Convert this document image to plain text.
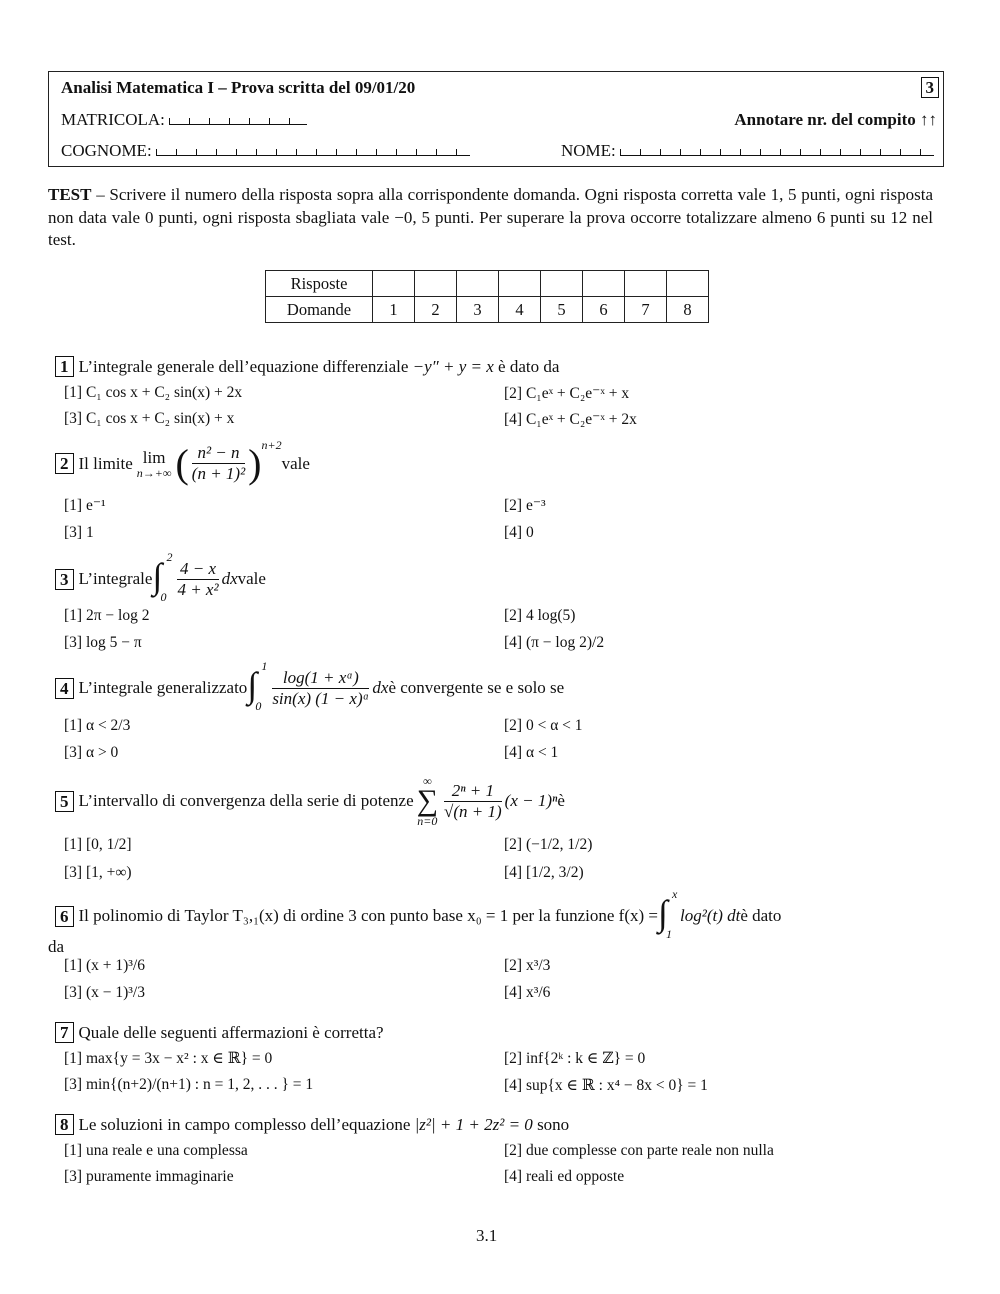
Analisi Matematica I – Prova scritta del 09/01/20	3
MATRICOLA:	Annotare nr. del compito ↑↑
COGNOME:	NOME:
TEST – Scrivere il numero della risposta sopra alla corrispondente domanda. Ogni risposta corretta vale 1, 5 punti, ogni risposta non data vale 0 punti, ogni risposta sbagliata vale −0, 5 punti. Per superare la prova occorre totalizzare almeno 6 punti su 12 nel test.
Risposte								
Domande	1	2	3	4	5	6	7	8
1 L’integrale generale dell’equazione differenziale −y″ + y = x è dato da
[1] C₁ cos x + C₂ sin(x) + 2x	[2] C₁eˣ + C₂e⁻ˣ + x
[3] C₁ cos x + C₂ sin(x) + x	[4] C₁eˣ + C₂e⁻ˣ + 2x
2 Il limite lim
n→+∞ ( $\frac{\text{n² − n}}{\text{(n + 1)²}}$ ) n+2
vale
[1] e⁻¹	[2] e⁻³
[3] 1	[4] 0
3 L’integrale ∫ 2
$0 \frac{4 - x}{\text{4 + x²}}$ dx vale
[1] 2π − log 2	[2] 4 log(5)
[3] log 5 − π	[4] (π − log 2)/2
4 L’integrale generalizzato ∫ 1
$0 \frac{\text{log(1 + xᵅ)}}{\text{sin(x) (1 − x)ᵅ}}$ dx è convergente se e solo se
[1] α < 2/3	[2] 0 < α < 1
[3] α > 0	[4] α < 1
5 L’intervallo di convergenza della serie di potenze
∞
∑
$n=0 \frac{\text{2ⁿ + 1}}{√(n + 1)} (x - 1)^n$ è
[1] [0, 1/2]	[2] (−1/2, 1/2)
[3] [1, +∞)	[4] [1/2, 3/2)
6 Il polinomio di Taylor T₃,₁(x) di ordine 3 con punto base x₀ = 1 per la funzione f(x) = ∫ x
1
log²(t) dt è dato
da
[1] (x + 1)³/6	[2] x³/3
[3] (x − 1)³/3	[4] x³/6
7 Quale delle seguenti affermazioni è corretta?
[1] max{y = 3x − x² : x ∈ ℝ} = 0	[2] inf{2ᵏ : k ∈ ℤ} = 0
[3] min{(n+2)/(n+1) : n = 1, 2, . . . } = 1	[4] sup{x ∈ ℝ : x⁴ − 8x < 0} = 1
8 Le soluzioni in campo complesso dell’equazione |z²| + 1 + 2z² = 0 sono
[1] una reale e una complessa	[2] due complesse con parte reale non nulla
[3] puramente immaginarie	[4] reali ed opposte
3.1
